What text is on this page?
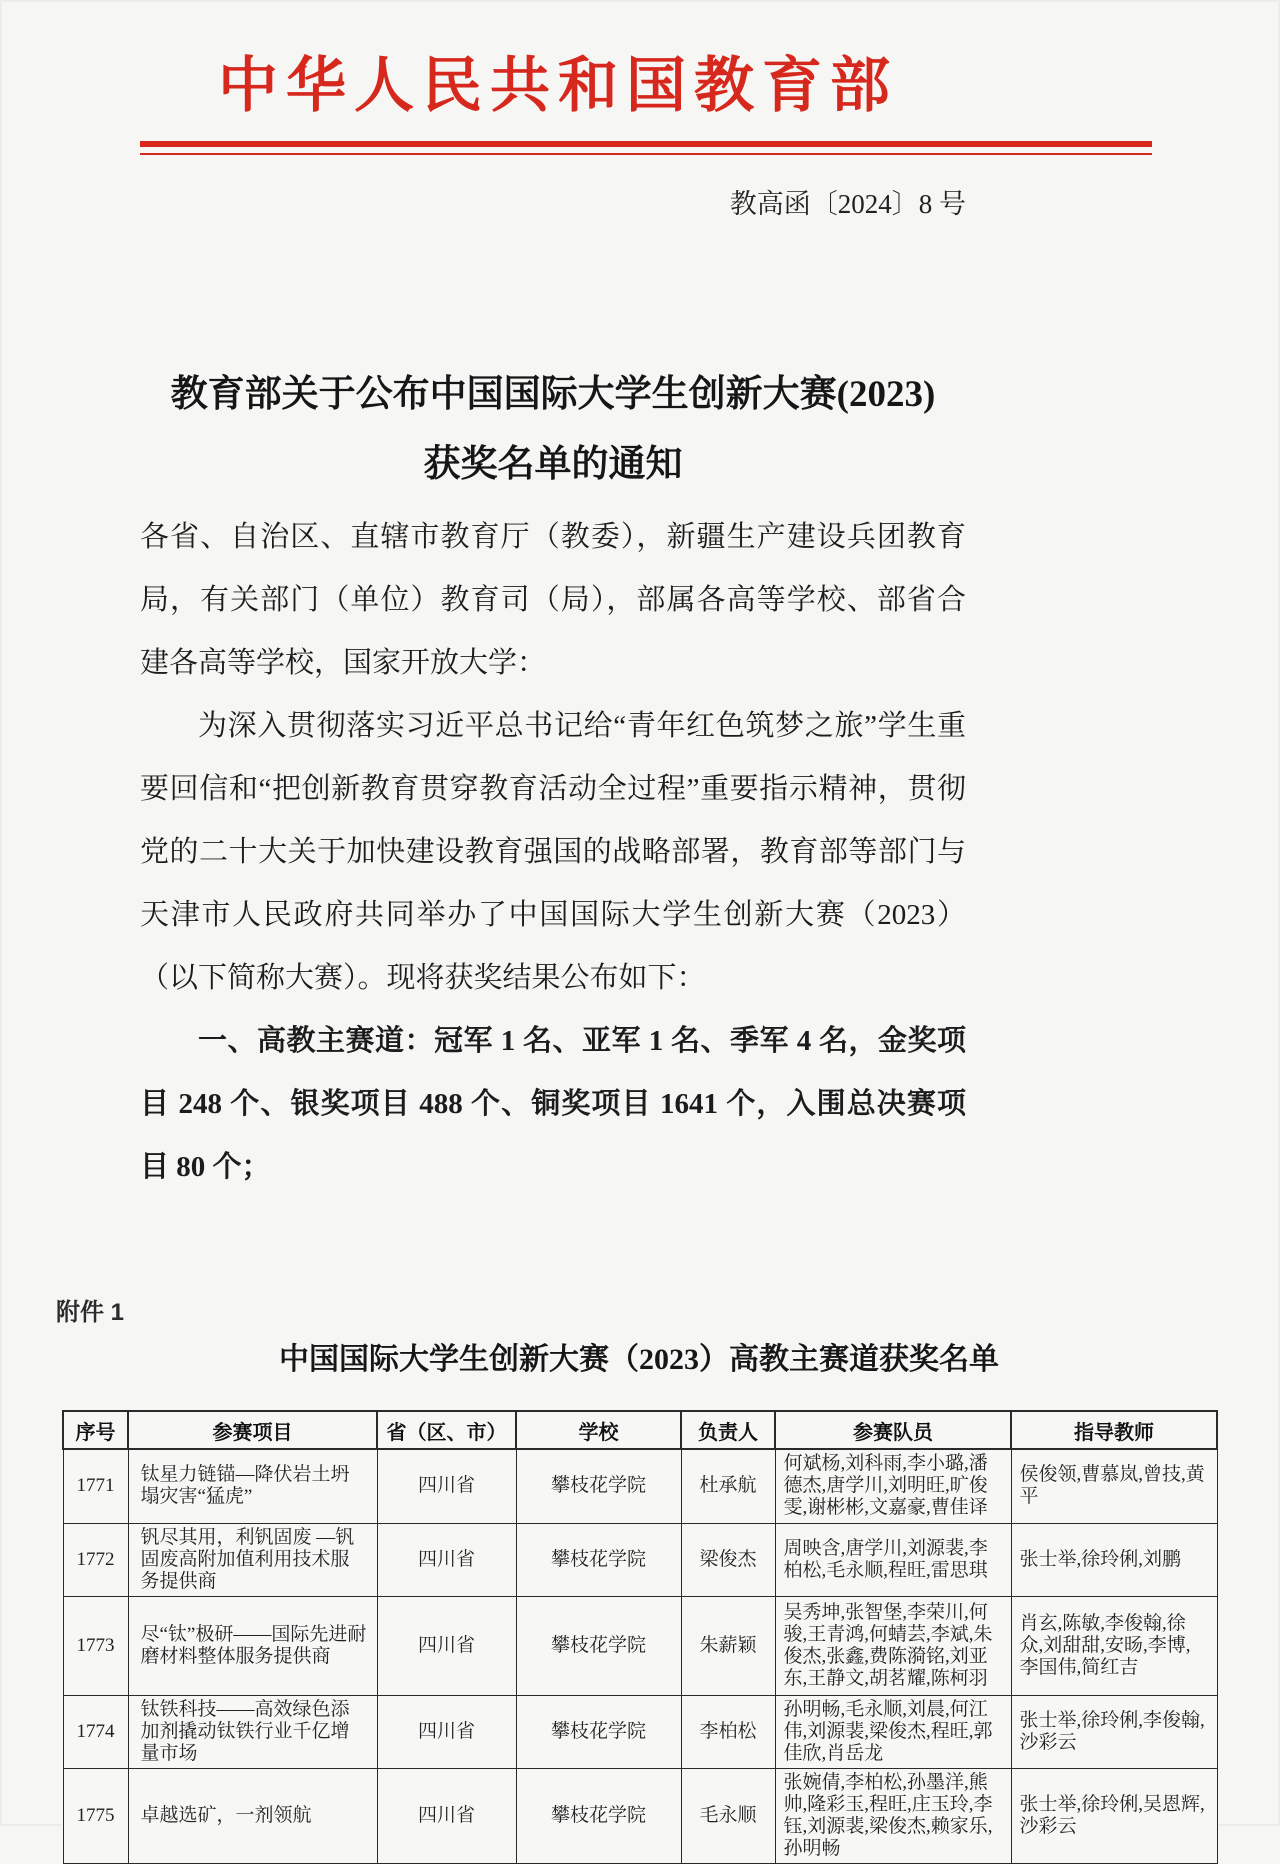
中华人民共和国教育部
教高函〔2024〕8 号
教育部关于公布中国国际大学生创新大赛(2023)
获奖名单的通知

各省、自治区、直辖市教育厅（教委），新疆生产建设兵团教育局，有关部门（单位）教育司（局），部属各高等学校、部省合建各高等学校，国家开放大学：

为深入贯彻落实习近平总书记给“青年红色筑梦之旅”学生重要回信和“把创新教育贯穿教育活动全过程”重要指示精神，贯彻党的二十大关于加快建设教育强国的战略部署，教育部等部门与天津市人民政府共同举办了中国国际大学生创新大赛（2023）（以下简称大赛）。现将获奖结果公布如下：

一、高教主赛道：冠军 1 名、亚军 1 名、季军 4 名，金奖项目 248 个、银奖项目 488 个、铜奖项目 1641 个，入围总决赛项目 80 个；

附件 1
中国国际大学生创新大赛（2023）高教主赛道获奖名单
序号	参赛项目	省（区、市）	学校	负责人	参赛队员	指导教师
1771	钛星力链锚—降伏岩土坍塌灾害“猛虎”	四川省	攀枝花学院	杜承航	何斌杨,刘科雨,李小璐,潘德杰,唐学川,刘明旺,旷俊雯,谢彬彬,文嘉豪,曹佳译	侯俊领,曹慕岚,曾技,黄平
1772	钒尽其用，利钒固废 —钒固废高附加值利用技术服务提供商	四川省	攀枝花学院	梁俊杰	周映含,唐学川,刘源裴,李柏松,毛永顺,程旺,雷思琪	张士举,徐玲俐,刘鹏
1773	尽“钛”极研——国际先进耐磨材料整体服务提供商	四川省	攀枝花学院	朱薪颖	吴秀坤,张智堡,李荣川,何骏,王青鸿,何蜻芸,李斌,朱俊杰,张鑫,费陈漪铭,刘亚东,王静文,胡茗耀,陈柯羽	肖玄,陈敏,李俊翰,徐众,刘甜甜,安旸,李博,李国伟,简红吉
1774	钛铁科技——高效绿色添加剂撬动钛铁行业千亿增量市场	四川省	攀枝花学院	李柏松	孙明畅,毛永顺,刘晨,何江伟,刘源裴,梁俊杰,程旺,郭佳欣,肖岳龙	张士举,徐玲俐,李俊翰,沙彩云
1775	卓越选矿，一剂领航	四川省	攀枝花学院	毛永顺	张婉倩,李柏松,孙墨洋,熊帅,隆彩玉,程旺,庄玉玲,李钰,刘源裴,梁俊杰,赖家乐,孙明畅	张士举,徐玲俐,吴恩辉,沙彩云
